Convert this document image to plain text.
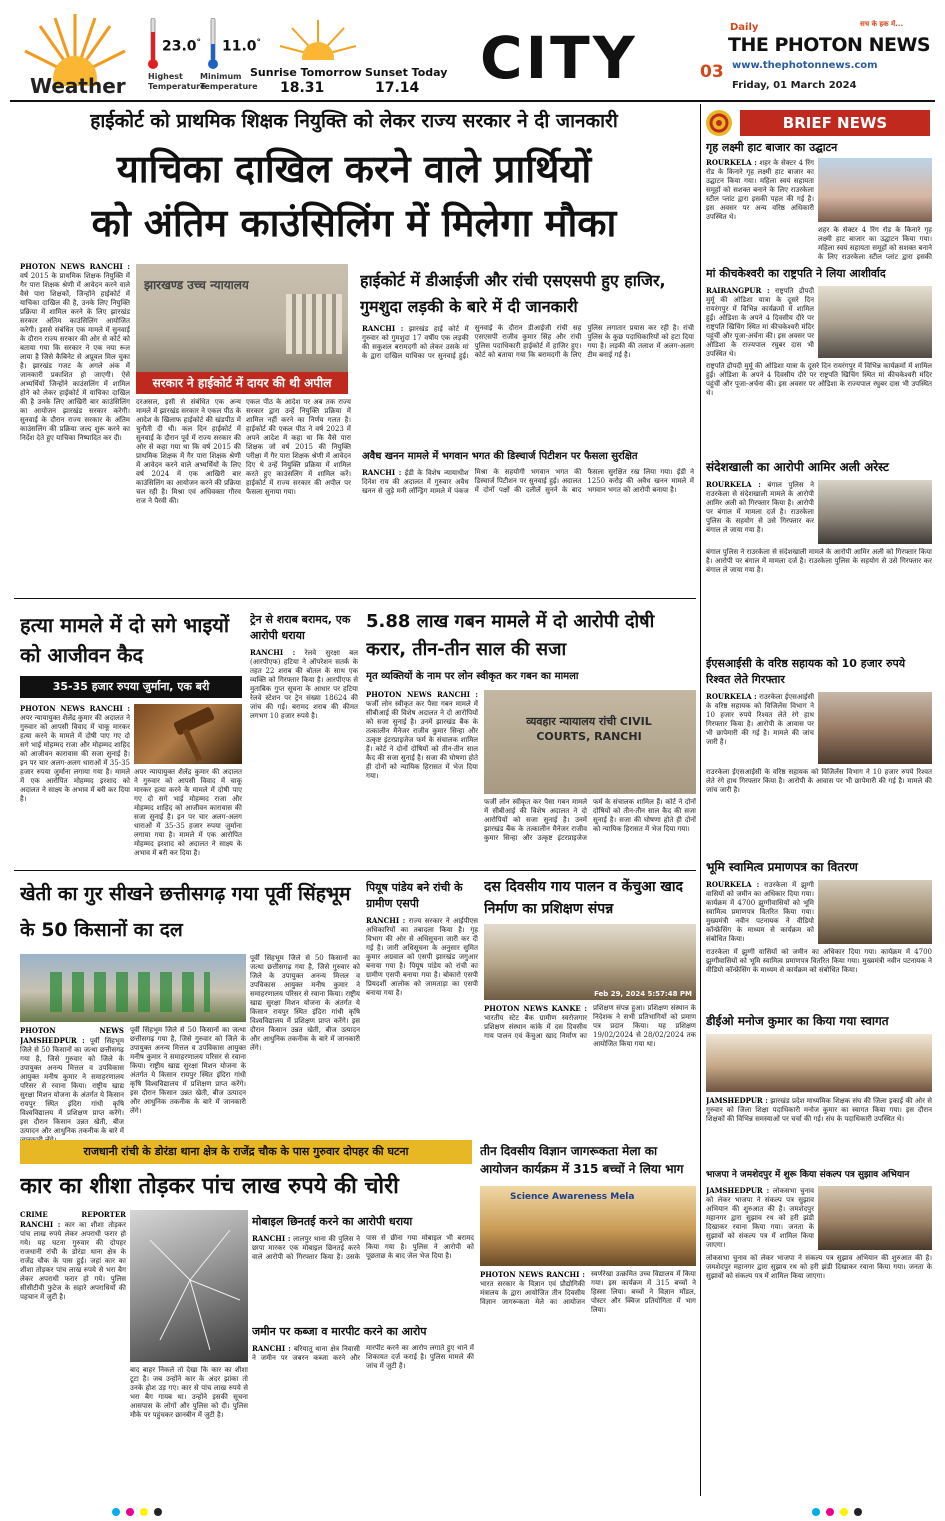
Weather
23.0°
Highest
Temperature
11.0°
Minimum
Temperature
Sunrise Tomorrow
18.31
Sunset Today
17.14 CITY	Daily	सच के हक में...
THE PHOTON NEWS
03 www.thephotonnews.com
Friday, 01 March 2024
हाईकोर्ट को प्राथमिक शिक्षक नियुक्ति को लेकर राज्य सरकार ने दी जानकारी
याचिका दाखिल करने वाले प्रार्थियों
को अंतिम काउंसिलिंग में मिलेगा मौका
PHOTON NEWS RANCHI : वर्ष 2015 के प्राथमिक शिक्षक नियुक्ति में गैर पारा शिक्षक श्रेणी में आवेदन करने वाले वैसे पारा शिक्षकों, जिन्होंने हाईकोर्ट में याचिका दाखिल की है, उनके लिए नियुक्ति प्रक्रिया में शामिल करने के लिए झारखंड सरकार अंतिम काउंसिलिंग आयोजित करेगी। इससे संबंधित एक मामले में सुनवाई के दौरान राज्य सरकार की ओर से कोर्ट को बताया गया कि सरकार ने एक नया रूल लाया है जिसे कैबिनेट से अप्रूवल मिल चुका है। झारखंड गजट के अगले अंक में जानकारी प्रकाशित हो जाएगी। ऐसे अभ्यर्थियों जिन्होंने काउंसलिंग में शामिल होने को लेकर हाईकोर्ट में याचिका दाखिल की है उनके लिए आखिरी बार काउंसिलिंग का आयोजन झारखंड सरकार करेगी। सुनवाई के दौरान राज्य सरकार के अंतिम काउंसलिंग की प्रक्रिया जल्द शुरू करने का निर्देश देते हुए याचिका निष्पादित कर दी।
झारखण्ड उच्च न्यायालय
सरकार ने हाईकोर्ट में दायर की थी अपील
दरअसल, इसी से संबंधित एक अन्य मामले में झारखंड सरकार ने एकल पीठ के आदेश के खिलाफ हाईकोर्ट की खंडपीठ में चुनौती दी थी। कल दिन हाईकोर्ट में सुनवाई के दौरान पूर्व में राज्य सरकार की ओर से कहा गया था कि वर्ष 2015 की प्राथमिक शिक्षक में गैर पारा शिक्षक श्रेणी में आवेदन करने वाले अभ्यर्थियों के लिए वर्ष 2024 में एक आखिरी बार काउंसिलिंग का आयोजन करने की प्रक्रिया चल रही है। मिश्रा एवं अधिवक्ता गौरव राज ने पैरवी की।
एकल पीठ के आदेश पर अब तक राज्य सरकार द्वारा उन्हें नियुक्ति प्रक्रिया में शामिल नहीं करने का निर्णय गलत है। हाईकोर्ट की एकल पीठ ने वर्ष 2023 में अपने आदेश में कहा था कि वैसे पारा शिक्षक जो वर्ष 2015 की नियुक्ति परीक्षा में गैर पारा शिक्षक श्रेणी में आवेदन दिए थे उन्हें नियुक्ति प्रक्रिया में शामिल करते हुए काउंसलिंग में शामिल करें। हाईकोर्ट में राज्य सरकार की अपील पर फैसला सुनाया गया।
हाईकोर्ट में डीआईजी और रांची एसएसपी हुए हाजिर, गुमशुदा लड़की के बारे में दी जानकारी
RANCHI : झारखंड हाई कोर्ट में गुरुवार को गुमशुदा 17 वर्षीय एक लड़की की सकुशल बरामदगी को लेकर उसके मां के द्वारा दाखिल याचिका पर सुनवाई हुई। सुनवाई के दौरान डीआईजी रांची सह एसएसपी राजीव कुमार सिंह और रांची पुलिस पदाधिकारी हाईकोर्ट में हाजिर हुए। कोर्ट को बताया गया कि बरामदगी के लिए पुलिस लगातार प्रयास कर रही है। रांची पुलिस के कुछ पदाधिकारियों को हटा दिया गया है। लड़की की तलाश में अलग-अलग टीम बनाई गई है।
अवैध खनन मामले में भगवान भगत की डिस्चार्ज पिटीशन पर फैसला सुरक्षित
RANCHI : ईडी के विशेष न्यायाधीश दिनेश राय की अदालत में गुरुवार अवैध खनन से जुड़े मनी लॉन्ड्रिंग मामले में पंकज मिश्रा के सहयोगी भगवान भगत की डिस्चार्ज पिटीशन पर सुनवाई हुई। अदालत में दोनों पक्षों की दलीलें सुनने के बाद फैसला सुरक्षित रख लिया गया। ईडी ने 1250 करोड़ की अवैध खनन मामले में भगवान भगत को आरोपी बनाया है।
हत्या मामले में दो सगे भाइयों को आजीवन कैद
35-35 हजार रुपया जुर्माना, एक बरी
PHOTON NEWS RANCHI : अपर न्यायायुक्त शैलेंद्र कुमार की अदालत ने गुरुवार को आपसी विवाद में चाकू मारकर हत्या करने के मामले में दोषी पाए गए दो सगे भाई मोहम्मद राजा और मोहम्मद शाहिद को आजीवन कारावास की सजा सुनाई है। इन पर चार अलग-अलग धाराओं में 35-35 हजार रुपया जुर्माना लगाया गया है। मामले में एक आरोपित मोहम्मद इरशाद को अदालत ने साक्ष्य के अभाव में बरी कर दिया है।
अपर न्यायायुक्त शैलेंद्र कुमार की अदालत ने गुरुवार को आपसी विवाद में चाकू मारकर हत्या करने के मामले में दोषी पाए गए दो सगे भाई मोहम्मद राजा और मोहम्मद शाहिद को आजीवन कारावास की सजा सुनाई है। इन पर चार अलग-अलग धाराओं में 35-35 हजार रुपया जुर्माना लगाया गया है। मामले में एक आरोपित मोहम्मद इरशाद को अदालत ने साक्ष्य के अभाव में बरी कर दिया है।
ट्रेन से शराब बरामद, एक आरोपी धराया
RANCHI : रेलवे सुरक्षा बल (आरपीएफ) हटिया ने ऑपरेशन सतर्क के तहत 22 शराब की बोतल के साथ एक व्यक्ति को गिरफ्तार किया है। आरपीएफ से मुताबिक गुप्त सूचना के आधार पर हटिया रेलवे स्टेशन पर ट्रेन संख्या 18624 की जांच की गई। बरामद शराब की कीमत लगभग 10 हजार रुपये है।
5.88 लाख गबन मामले में दो आरोपी दोषी करार, तीन-तीन साल की सजा
मृत व्यक्तियों के नाम पर लोन स्वीकृत कर गबन का मामला
PHOTON NEWS RANCHI : फर्जी लोन स्वीकृत कर पैसा गबन मामले में सीबीआई की विशेष अदालत ने दो आरोपियों को सजा सुनाई है। उनमें झारखंड बैंक के तत्कालीन मैनेजर राजीव कुमार सिन्हा और उत्कृष्ट इंटरप्राइजेज फर्म के संचालक शामिल हैं। कोर्ट ने दोनों दोषियों को तीन-तीन साल कैद की सजा सुनाई है। सजा की घोषणा होते ही दोनों को न्यायिक हिरासत में भेज दिया गया।
व्यवहार न्यायालय रांची CIVIL COURTS, RANCHI
फर्जी लोन स्वीकृत कर पैसा गबन मामले में सीबीआई की विशेष अदालत ने दो आरोपियों को सजा सुनाई है। उनमें झारखंड बैंक के तत्कालीन मैनेजर राजीव कुमार सिन्हा और उत्कृष्ट इंटरप्राइजेज फर्म के संचालक शामिल हैं। कोर्ट ने दोनों दोषियों को तीन-तीन साल कैद की सजा सुनाई है। सजा की घोषणा होते ही दोनों को न्यायिक हिरासत में भेज दिया गया।
खेती का गुर सीखने छत्तीसगढ़ गया पूर्वी सिंहभूम के 50 किसानों का दल
PHOTON NEWS JAMSHEDPUR : पूर्वी सिंहभूम जिले से 50 किसानों का जत्था छत्तीसगढ़ गया है, जिसे गुरुवार को जिले के उपायुक्त अनन्य मित्तल व उपविकास आयुक्त मनीष कुमार ने समाहरणालय परिसर से रवाना किया। राष्ट्रीय खाद्य सुरक्षा मिशन योजना के अंतर्गत ये किसान रायपुर स्थित इंदिरा गांधी कृषि विश्वविद्यालय में प्रशिक्षण प्राप्त करेंगे। इस दौरान किसान उन्नत खेती, बीज उत्पादन और आधुनिक तकनीक के बारे में
पूर्वी सिंहभूम जिले से 50 किसानों का जत्था छत्तीसगढ़ गया है, जिसे गुरुवार को जिले के उपायुक्त अनन्य मित्तल व उपविकास आयुक्त मनीष कुमार ने समाहरणालय परिसर से रवाना किया। राष्ट्रीय खाद्य सुरक्षा मिशन योजना के अंतर्गत ये किसान रायपुर स्थित इंदिरा गांधी कृषि विश्वविद्यालय में प्रशिक्षण प्राप्त करेंगे। इस दौरान किसान उन्नत खेती, बीज उत्पादन और आधुनिक तकनीक के बारे में जानकारी लेंगे।
पूर्वी सिंहभूम जिले से 50 किसानों का जत्था छत्तीसगढ़ गया है, जिसे गुरुवार को जिले के उपायुक्त अनन्य मित्तल व उपविकास आयुक्त मनीष कुमार ने समाहरणालय परिसर से रवाना किया। राष्ट्रीय खाद्य सुरक्षा मिशन योजना के अंतर्गत ये किसान रायपुर स्थित इंदिरा गांधी कृषि विश्वविद्यालय में प्रशिक्षण प्राप्त करेंगे। इस दौरान किसान उन्नत खेती, बीज उत्पादन और आधुनिक तकनीक के बारे में जानकारी लेंगे।
पियूष पांडेय बने रांची के ग्रामीण एसपी
RANCHI : राज्य सरकार ने आईपीएस अधिकारियों का तबादला किया है। गृह विभाग की ओर से अधिसूचना जारी कर दी गई है। जारी अधिसूचना के अनुसार सुमित कुमार अग्रवाल को एसपी झारखंड जगुआर बनाया गया है। पियूष पांडेय को रांची का ग्रामीण एसपी बनाया गया है। बोकारो एसपी प्रियदर्शी आलोक को जामताड़ा का एसपी बनाया गया है।
दस दिवसीय गाय पालन व केंचुआ खाद निर्माण का प्रशिक्षण संपन्न
Feb 29, 2024 5:57:48 PM
PHOTON NEWS KANKE : भारतीय स्टेट बैंक ग्रामीण स्वरोजगार प्रशिक्षण संस्थान कांके में दस दिवसीय गाय पालन एवं केंचुआ खाद निर्माण का प्रशिक्षण संपन्न हुआ। प्रशिक्षण संस्थान के निदेशक ने सभी प्रतिभागियों को प्रमाण पत्र प्रदान किया। यह प्रशिक्षण 19/02/2024 से 28/02/2024 तक आयोजित किया गया था।
राजधानी रांची के डोरंडा थाना क्षेत्र के राजेंद्र चौक के पास गुरुवार दोपहर की घटना
कार का शीशा तोड़कर पांच लाख रुपये की चोरी
CRIME REPORTER RANCHI : कार का शीशा तोड़कर पांच लाख रुपये लेकर अपराधी फरार हो गये। यह घटना गुरुवार की दोपहर राजधानी रांची के डोरंडा थाना क्षेत्र के राजेंद्र चौक के पास हुई। जहां कार का शीशा तोड़कर पांच लाख रुपये से भरा बैग लेकर अपराधी फरार हो गये। पुलिस सीसीटीवी फुटेज के सहारे अपराधियों की पहचान में जुटी है।
बाद बाहर निकले तो देखा कि कार का शीशा टूटा है। जब उन्होंने कार के अंदर झांका तो उनके होश उड़ गए। कार से पांच लाख रुपये से भरा बैग गायब था। उन्होंने इसकी सूचना आसपास के लोगों और पुलिस को दी। पुलिस मौके पर पहुंचकर छानबीन में जुटी है।
मोबाइल छिनतई करने का आरोपी धराया
RANCHI : लालपुर थाना की पुलिस ने छापा मारकर एक मोबाइल छिनतई करने वाले आरोपी को गिरफ्तार किया है। उसके पास से छीना गया मोबाइल भी बरामद किया गया है। पुलिस ने आरोपी को पूछताछ के बाद जेल भेज दिया है।
जमीन पर कब्जा व मारपीट करने का आरोप
RANCHI : बरियातू थाना क्षेत्र निवासी ने जमीन पर जबरन कब्जा करने और मारपीट करने का आरोप लगाते हुए थाने में शिकायत दर्ज कराई है। पुलिस मामले की जांच में जुटी है।
तीन दिवसीय विज्ञान जागरूकता मेला का आयोजन कार्यक्रम में 315 बच्चों ने लिया भाग
Science Awareness Mela
PHOTON NEWS RANCHI : भारत सरकार के विज्ञान एवं प्रौद्योगिकी मंत्रालय के द्वारा आयोजित तीन दिवसीय विज्ञान जागरूकता मेले का आयोजन स्वर्णरेखा उत्क्रमित उच्च विद्यालय में किया गया। इस कार्यक्रम में 315 बच्चों ने हिस्सा लिया। बच्चों ने विज्ञान मॉडल, पोस्टर और क्विज प्रतियोगिता में भाग लिया।
BRIEF NEWS
गृह लक्ष्मी हाट बाजार का उद्घाटन
ROURKELA : शहर के सेक्टर 4 रिंग रोड के किनारे गृह लक्ष्मी हाट बाजार का उद्घाटन किया गया। महिला स्वयं सहायता समूहों को सशक्त बनाने के लिए राउरकेला स्टील प्लांट द्वारा इसकी पहल की गई है। इस अवसर पर अन्य वरिष्ठ अधिकारी उपस्थित थे।
शहर के सेक्टर 4 रिंग रोड के किनारे गृह लक्ष्मी हाट बाजार का उद्घाटन किया गया। महिला स्वयं सहायता समूहों को सशक्त बनाने के लिए राउरकेला स्टील प्लांट द्वारा इसकी
मां कीचकेश्वरी का राष्ट्रपति ने लिया आशीर्वाद
RAIRANGPUR : राष्ट्रपति द्रौपदी मुर्मू की ओडिशा यात्रा के दूसरे दिन रायरंगपुर में विभिन्न कार्यक्रमों में शामिल हुईं। ओडिशा के अपने 4 दिवसीय दौरे पर राष्ट्रपति खिचिंग स्थित मां कीचकेश्वरी मंदिर पहुंचीं और पूजा-अर्चना की। इस अवसर पर ओडिशा के राज्यपाल रघुबर दास भी उपस्थित थे।
राष्ट्रपति द्रौपदी मुर्मू की ओडिशा यात्रा के दूसरे दिन रायरंगपुर में विभिन्न कार्यक्रमों में शामिल हुईं। ओडिशा के अपने 4 दिवसीय दौरे पर राष्ट्रपति खिचिंग स्थित मां कीचकेश्वरी मंदिर पहुंचीं और पूजा-अर्चना की। इस अवसर पर ओडिशा के राज्यपाल रघुबर दास भी उपस्थित थे।
संदेशखाली का आरोपी आमिर अली अरेस्ट
ROURKELA : बंगाल पुलिस ने राउरकेला से संदेशखाली मामले के आरोपी आमिर अली को गिरफ्तार किया है। आरोपी पर बंगाल में मामला दर्ज है। राउरकेला पुलिस के सहयोग से उसे गिरफ्तार कर बंगाल ले जाया गया है।
बंगाल पुलिस ने राउरकेला से संदेशखाली मामले के आरोपी आमिर अली को गिरफ्तार किया है। आरोपी पर बंगाल में मामला दर्ज है। राउरकेला पुलिस के सहयोग से उसे गिरफ्तार कर बंगाल ले जाया गया है।
ईएसआईसी के वरिष्ठ सहायक को 10 हजार रुपये रिश्वत लेते गिरफ्तार
ROURKELA : राउरकेला ईएसआईसी के वरिष्ठ सहायक को विजिलेंस विभाग ने 10 हजार रुपये रिश्वत लेते रंगे हाथ गिरफ्तार किया है। आरोपी के आवास पर भी छापेमारी की गई है। मामले की जांच जारी है।
राउरकेला ईएसआईसी के वरिष्ठ सहायक को विजिलेंस विभाग ने 10 हजार रुपये रिश्वत लेते रंगे हाथ गिरफ्तार किया है। आरोपी के आवास पर भी छापेमारी की गई है। मामले की जांच जारी है।
भूमि स्वामित्व प्रमाणपत्र का वितरण
ROURKELA : राउरकेला में झुग्गी वासियों को जमीन का अधिकार दिया गया। कार्यक्रम में 4700 झुग्गीवासियों को भूमि स्वामित्व प्रमाणपत्र वितरित किया गया। मुख्यमंत्री नवीन पटनायक ने वीडियो कॉन्फ्रेंसिंग के माध्यम से कार्यक्रम को संबोधित किया।
राउरकेला में झुग्गी वासियों को जमीन का अधिकार दिया गया। कार्यक्रम में 4700 झुग्गीवासियों को भूमि स्वामित्व प्रमाणपत्र वितरित किया गया। मुख्यमंत्री नवीन पटनायक ने वीडियो कॉन्फ्रेंसिंग के माध्यम से कार्यक्रम को संबोधित किया।
डीईओ मनोज कुमार का किया गया स्वागत
JAMSHEDPUR : झारखंड प्रदेश माध्यमिक शिक्षक संघ की जिला इकाई की ओर से गुरुवार को जिला शिक्षा पदाधिकारी मनोज कुमार का स्वागत किया गया। इस दौरान शिक्षकों की विभिन्न समस्याओं पर चर्चा की गई। संघ के पदाधिकारी उपस्थित थे।
भाजपा ने जमशेदपुर में शुरू किया संकल्प पत्र सुझाव अभियान
JAMSHEDPUR : लोकसभा चुनाव को लेकर भाजपा ने संकल्प पत्र सुझाव अभियान की शुरुआत की है। जमशेदपुर महानगर द्वारा सुझाव रथ को हरी झंडी दिखाकर रवाना किया गया। जनता के सुझावों को संकल्प पत्र में शामिल किया जाएगा।
लोकसभा चुनाव को लेकर भाजपा ने संकल्प पत्र सुझाव अभियान की शुरुआत की है। जमशेदपुर महानगर द्वारा सुझाव रथ को हरी झंडी दिखाकर रवाना किया गया। जनता के सुझावों को संकल्प पत्र में शामिल किया जाएगा।
